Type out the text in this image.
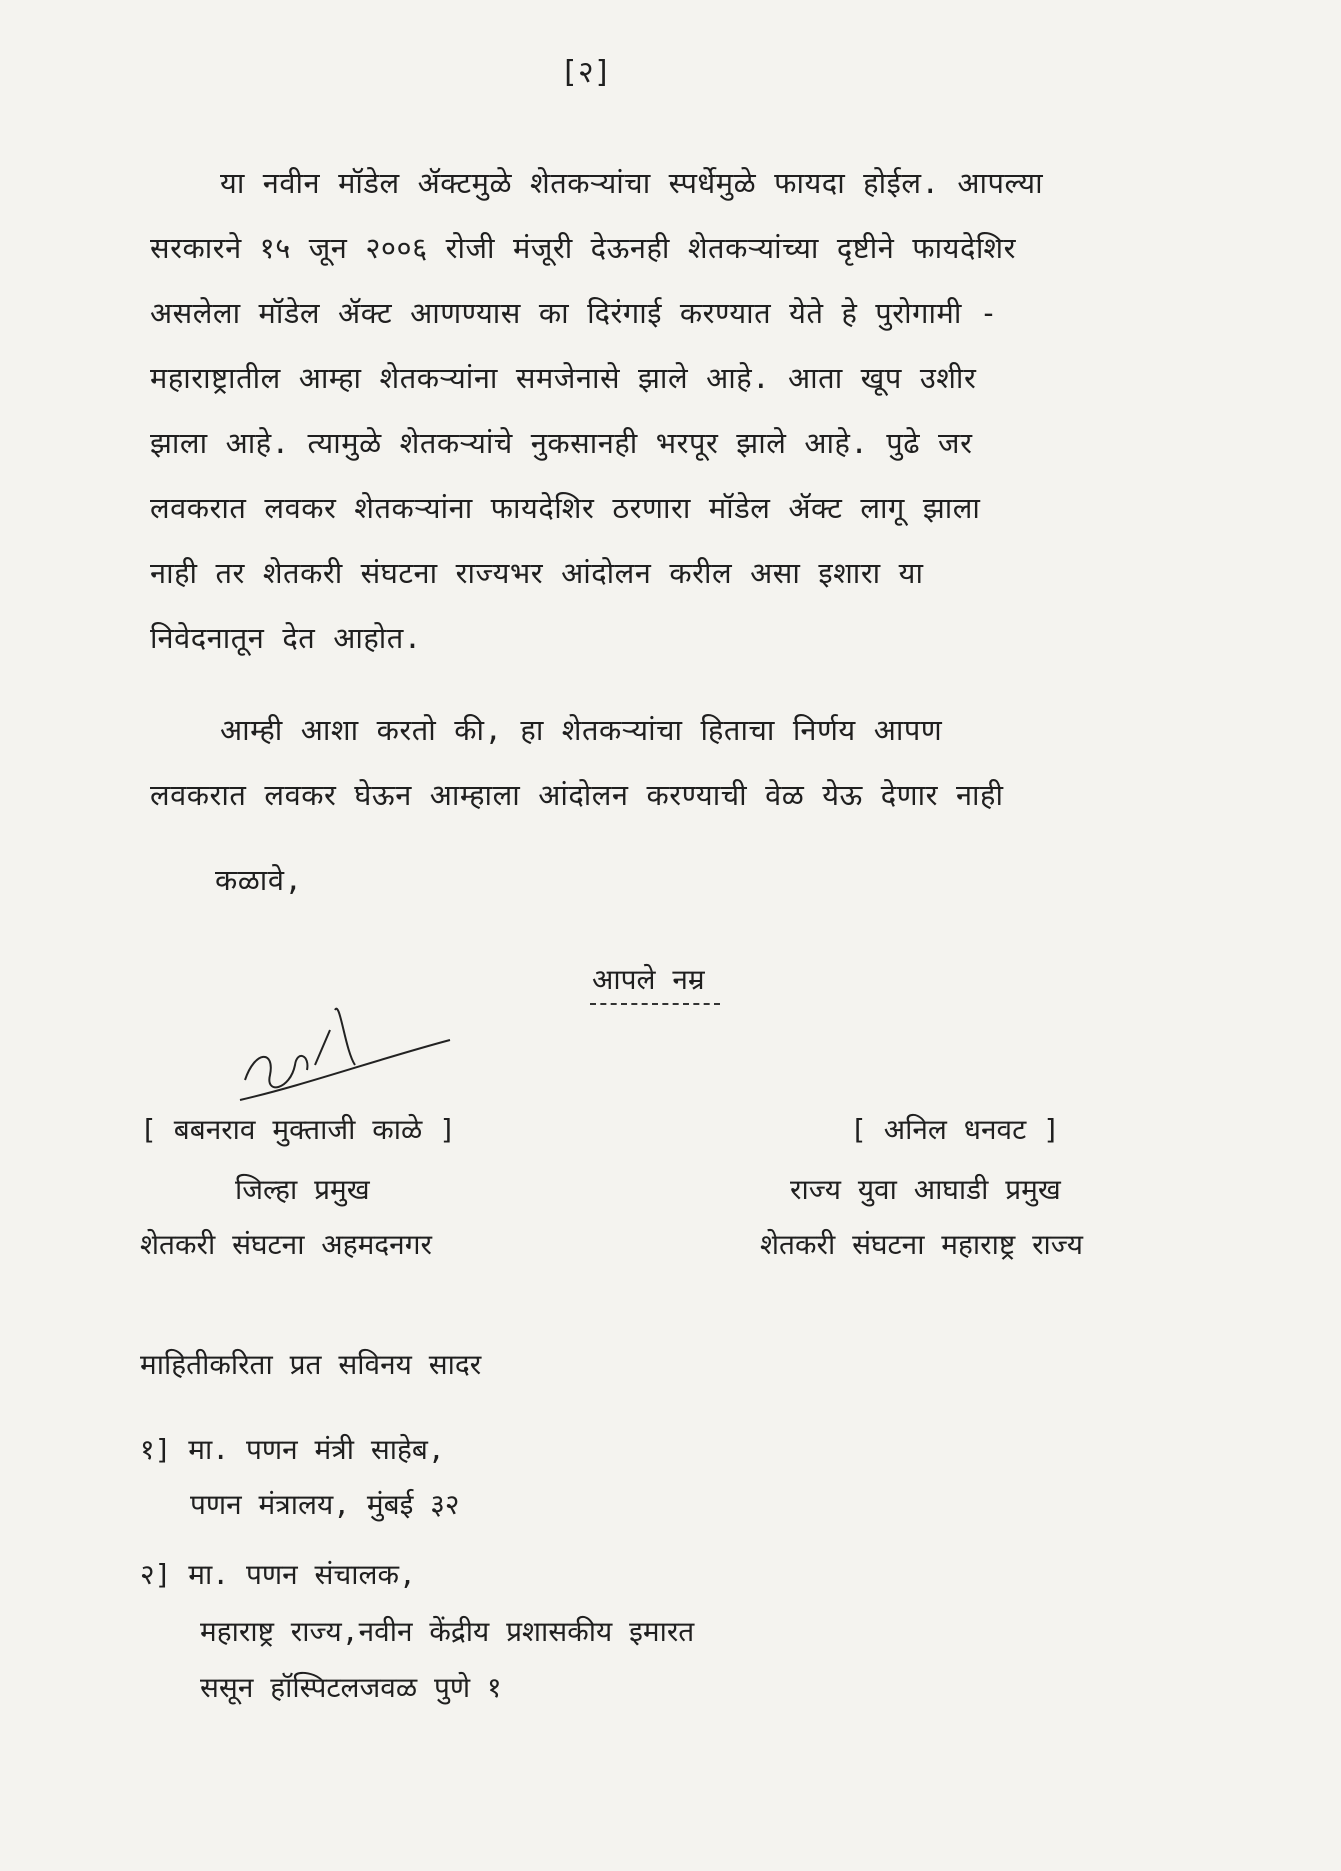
[२]
या नवीन मॉडेल ॲक्टमुळे शेतकऱ्यांचा स्पर्धेमुळे फायदा होईल. आपल्या
सरकारने १५ जून २००६ रोजी मंजूरी देऊनही शेतकऱ्यांच्या दृष्टीने फायदेशिर
असलेला मॉडेल ॲक्ट आणण्यास का दिरंगाई करण्यात येते हे पुरोगामी -
महाराष्ट्रातील आम्हा शेतकऱ्यांना समजेनासे झाले आहे. आता खूप उशीर
झाला आहे. त्यामुळे शेतकऱ्यांचे नुकसानही भरपूर झाले आहे. पुढे जर
लवकरात लवकर शेतकऱ्यांना फायदेशिर ठरणारा मॉडेल ॲक्ट लागू झाला
नाही तर शेतकरी संघटना राज्यभर आंदोलन करील असा इशारा या
निवेदनातून देत आहोत.
आम्ही आशा करतो की, हा शेतकऱ्यांचा हिताचा निर्णय आपण
लवकरात लवकर घेऊन आम्हाला आंदोलन करण्याची वेळ येऊ देणार नाही
कळावे,
आपले नम्र
[ बबनराव मुक्ताजी काळे ]
जिल्हा प्रमुख
शेतकरी संघटना अहमदनगर
[ अनिल धनवट ]
राज्य युवा आघाडी प्रमुख
शेतकरी संघटना महाराष्ट्र राज्य
माहितीकरिता प्रत सविनय सादर
१] मा. पणन मंत्री साहेब,
पणन मंत्रालय, मुंबई ३२
२] मा. पणन संचालक,
महाराष्ट्र राज्य,नवीन केंद्रीय प्रशासकीय इमारत
ससून हॉस्पिटलजवळ पुणे १
